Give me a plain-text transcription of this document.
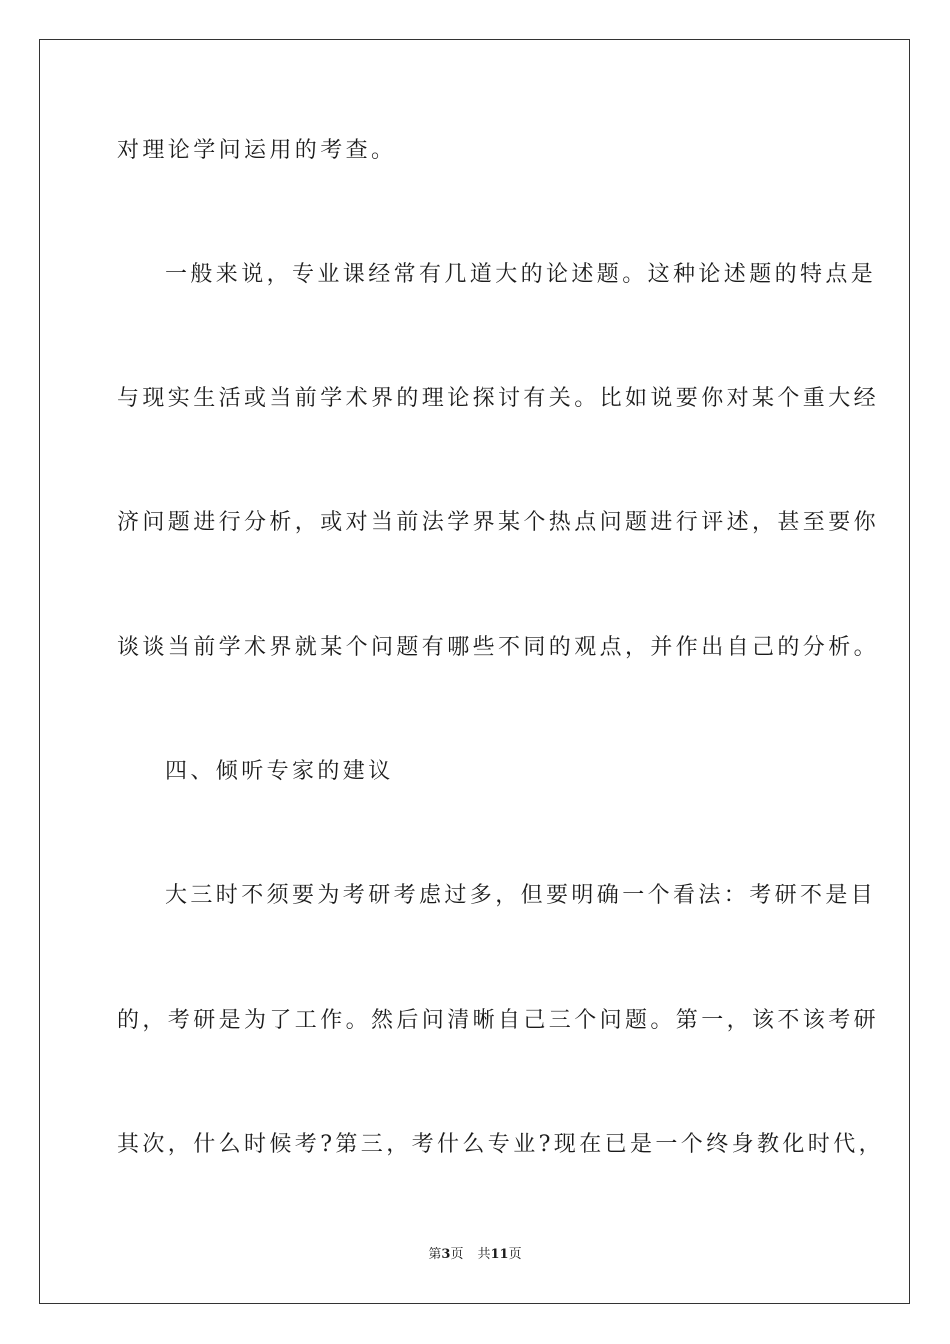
对理论学问运用的考查。
一般来说，专业课经常有几道大的论述题。这种论述题的特点是
与现实生活或当前学术界的理论探讨有关。比如说要你对某个重大经
济问题进行分析，或对当前法学界某个热点问题进行评述，甚至要你
谈谈当前学术界就某个问题有哪些不同的观点，并作出自己的分析。
四、倾听专家的建议
大三时不须要为考研考虑过多，但要明确一个看法：考研不是目
的，考研是为了工作。然后问清晰自己三个问题。第一，该不该考研
其次，什么时候考?第三，考什么专业?现在已是一个终身教化时代，
第3页 共11页
